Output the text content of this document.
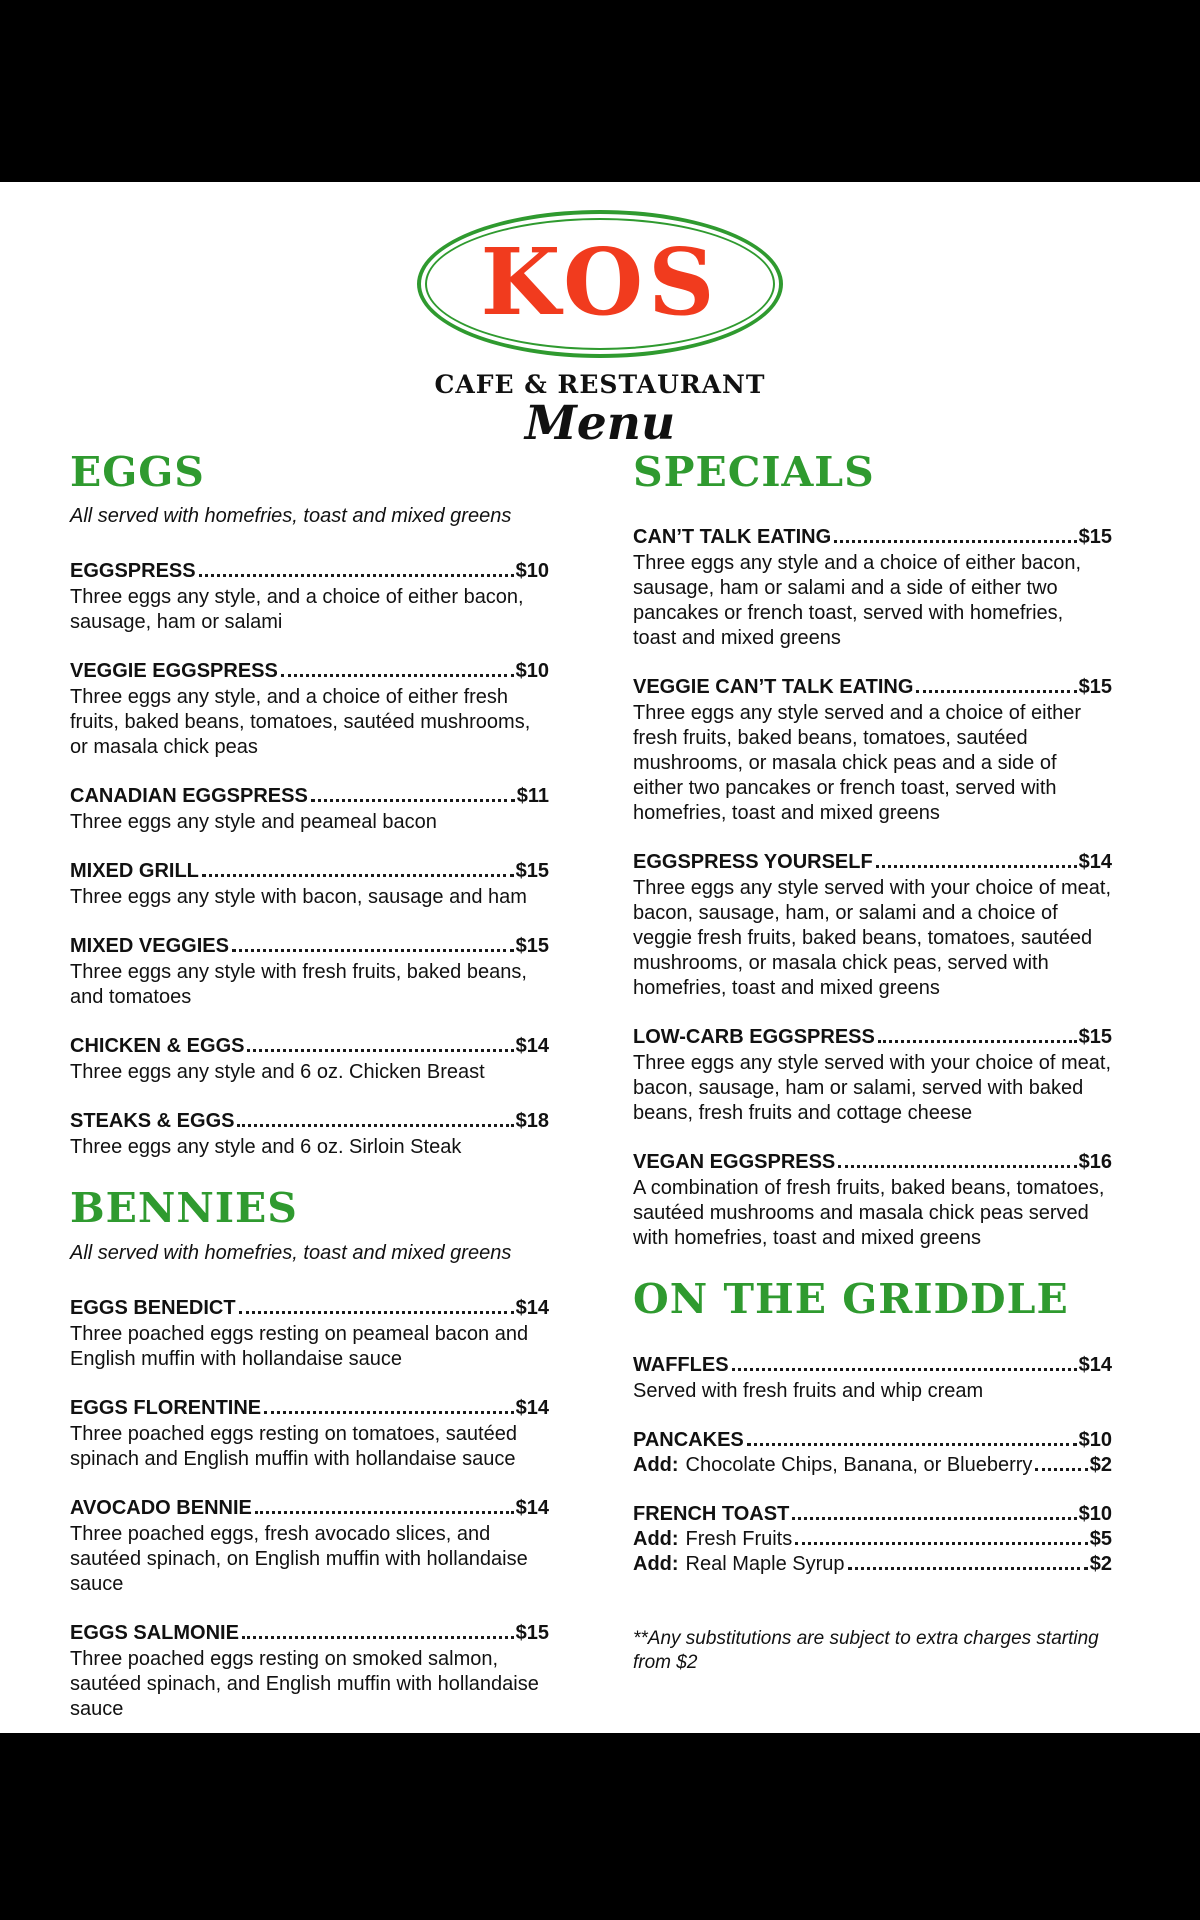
KOS
CAFE & RESTAURANT
Menu
EGGS

All served with homefries, toast and mixed greens

EGGSPRESS	$10

Three eggs any style, and a choice of either bacon, sausage, ham or salami

VEGGIE EGGSPRESS	$10

Three eggs any style, and a choice of either fresh fruits, baked beans, tomatoes, sautéed mushrooms, or masala chick peas

CANADIAN EGGSPRESS	$11

Three eggs any style and peameal bacon

MIXED GRILL	$15

Three eggs any style with bacon, sausage and ham

MIXED VEGGIES	$15

Three eggs any style with fresh fruits, baked beans, and tomatoes

CHICKEN & EGGS	$14

Three eggs any style and 6 oz. Chicken Breast

STEAKS & EGGS	$18

Three eggs any style and 6 oz. Sirloin Steak

BENNIES

All served with homefries, toast and mixed greens

EGGS BENEDICT	$14

Three poached eggs resting on peameal bacon and English muffin with hollandaise sauce

EGGS FLORENTINE	$14

Three poached eggs resting on tomatoes, sautéed spinach and English muffin with hollandaise sauce

AVOCADO BENNIE	$14

Three poached eggs, fresh avocado slices, and sautéed spinach, on English muffin with hollandaise sauce

EGGS SALMONIE	$15

Three poached eggs resting on smoked salmon, sautéed spinach, and English muffin with hollandaise sauce

SPECIALS
CAN’T TALK EATING	$15

Three eggs any style and a choice of either bacon, sausage, ham or salami and a side of either two pancakes or french toast, served with homefries, toast and mixed greens

VEGGIE CAN’T TALK EATING	$15

Three eggs any style served and a choice of either fresh fruits, baked beans, tomatoes, sautéed mushrooms, or masala chick peas and a side of either two pancakes or french toast, served with homefries, toast and mixed greens

EGGSPRESS YOURSELF	$14

Three eggs any style served with your choice of meat, bacon, sausage, ham, or salami and a choice of veggie fresh fruits, baked beans, tomatoes, sautéed mushrooms, or masala chick peas, served with homefries, toast and mixed greens

LOW-CARB EGGSPRESS	$15

Three eggs any style served with your choice of meat, bacon, sausage, ham or salami, served with baked beans, fresh fruits and cottage cheese

VEGAN EGGSPRESS	$16

A combination of fresh fruits, baked beans, tomatoes, sautéed mushrooms and masala chick peas served with homefries, toast and mixed greens

ON THE GRIDDLE
WAFFLES	$14

Served with fresh fruits and whip cream

PANCAKES	$10
Add: Chocolate Chips, Banana, or Blueberry	$2
FRENCH TOAST	$10
Add: Fresh Fruits	$5
Add: Real Maple Syrup	$2

**Any substitutions are subject to extra charges starting from $2
